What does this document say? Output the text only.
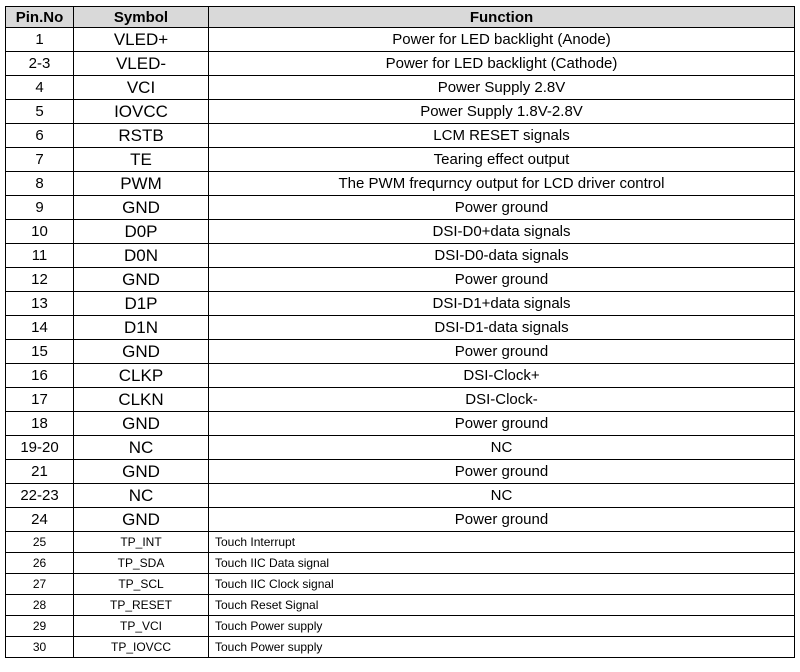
Pin.No	Symbol	Function
1	VLED+	Power for LED backlight (Anode)
2-3	VLED-	Power for LED backlight (Cathode)
4	VCI	Power Supply 2.8V
5	IOVCC	Power Supply 1.8V-2.8V
6	RSTB	LCM RESET signals
7	TE	Tearing effect output
8	PWM	The PWM frequrncy output for LCD driver control
9	GND	Power ground
10	D0P	DSI-D0+data signals
11	D0N	DSI-D0-data signals
12	GND	Power ground
13	D1P	DSI-D1+data signals
14	D1N	DSI-D1-data signals
15	GND	Power ground
16	CLKP	DSI-Clock+
17	CLKN	DSI-Clock-
18	GND	Power ground
19-20	NC	NC
21	GND	Power ground
22-23	NC	NC
24	GND	Power ground
25	TP_INT	Touch Interrupt
26	TP_SDA	Touch IIC Data signal
27	TP_SCL	Touch IIC Clock signal
28	TP_RESET	Touch Reset Signal
29	TP_VCI	Touch Power supply
30	TP_IOVCC	Touch Power supply
